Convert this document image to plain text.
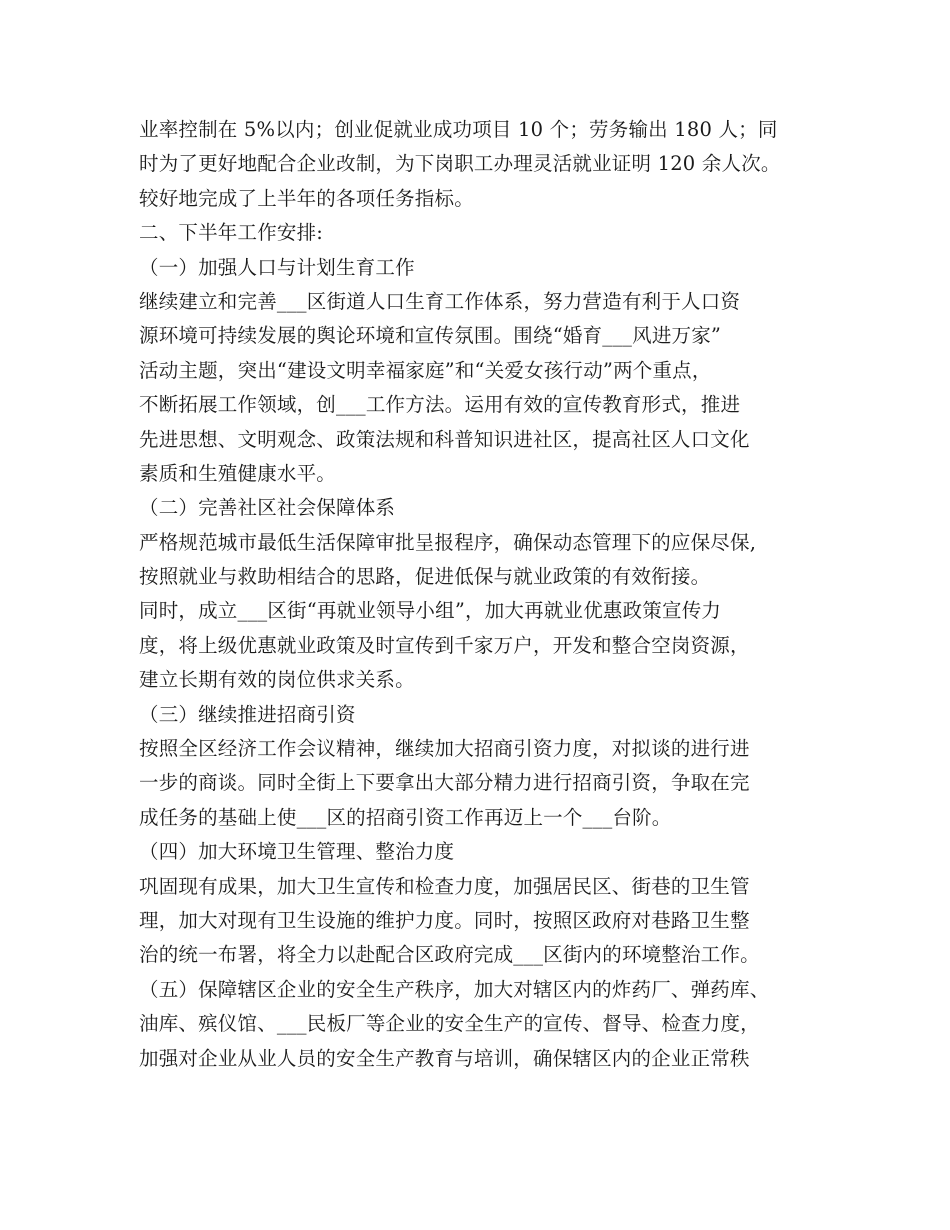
业率控制在 5%以内；创业促就业成功项目 10 个；劳务输出 180 人；同
时为了更好地配合企业改制，为下岗职工办理灵活就业证明 120 余人次。
较好地完成了上半年的各项任务指标。
二、下半年工作安排:
（一）加强人口与计划生育工作
继续建立和完善___区街道人口生育工作体系，努力营造有利于人口资
源环境可持续发展的舆论环境和宣传氛围。围绕“婚育___风进万家”
活动主题，突出“建设文明幸福家庭”和“关爱女孩行动”两个重点，
不断拓展工作领域，创___工作方法。运用有效的宣传教育形式，推进
先进思想、文明观念、政策法规和科普知识进社区，提高社区人口文化
素质和生殖健康水平。
（二）完善社区社会保障体系
严格规范城市最低生活保障审批呈报程序，确保动态管理下的应保尽保,
按照就业与救助相结合的思路，促进低保与就业政策的有效衔接。
同时，成立___区街“再就业领导小组”，加大再就业优惠政策宣传力
度，将上级优惠就业政策及时宣传到千家万户，开发和整合空岗资源，
建立长期有效的岗位供求关系。
（三）继续推进招商引资
按照全区经济工作会议精神，继续加大招商引资力度，对拟谈的进行进
一步的商谈。同时全街上下要拿出大部分精力进行招商引资，争取在完
成任务的基础上使___区的招商引资工作再迈上一个___台阶。
（四）加大环境卫生管理、整治力度
巩固现有成果，加大卫生宣传和检查力度，加强居民区、街巷的卫生管
理，加大对现有卫生设施的维护力度。同时，按照区政府对巷路卫生整
治的统一布署，将全力以赴配合区政府完成___区街内的环境整治工作。
（五）保障辖区企业的安全生产秩序，加大对辖区内的炸药厂、弹药库、
油库、殡仪馆、___民板厂等企业的安全生产的宣传、督导、检查力度，
加强对企业从业人员的安全生产教育与培训，确保辖区内的企业正常秩
